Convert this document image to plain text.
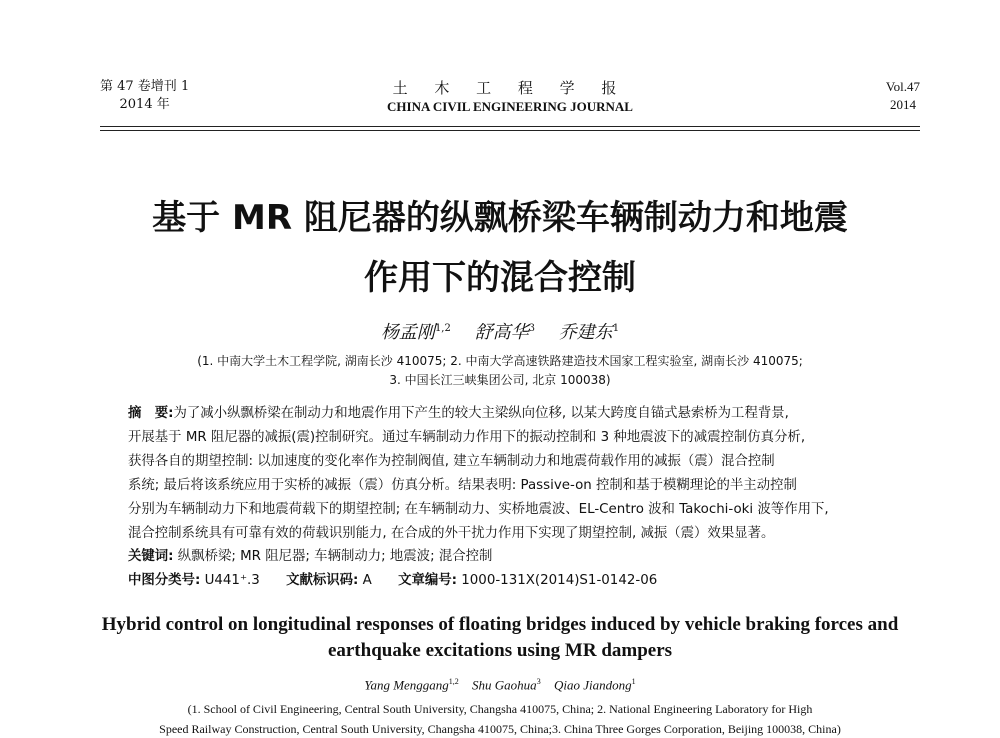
第 47 卷增刊 1
2014 年
土 木 工 程 学 报
CHINA CIVIL ENGINEERING JOURNAL
Vol.47
2014
基于 MR 阻尼器的纵飘桥梁车辆制动力和地震
作用下的混合控制
杨孟刚$^{1,2}$ 舒高华$^3$ 乔建东$^1$
(1. 中南大学土木工程学院, 湖南长沙 410075; 2. 中南大学高速铁路建造技术国家工程实验室, 湖南长沙 410075;
3. 中国长江三峡集团公司, 北京 100038)
摘　要:为了减小纵飘桥梁在制动力和地震作用下产生的较大主梁纵向位移, 以某大跨度自锚式悬索桥为工程背景,
开展基于 MR 阻尼器的减振(震)控制研究。通过车辆制动力作用下的振动控制和 3 种地震波下的减震控制仿真分析,
获得各自的期望控制: 以加速度的变化率作为控制阀值, 建立车辆制动力和地震荷载作用的减振（震）混合控制
系统; 最后将该系统应用于实桥的减振（震）仿真分析。结果表明: Passive-on 控制和基于模糊理论的半主动控制
分别为车辆制动力下和地震荷载下的期望控制; 在车辆制动力、实桥地震波、EL-Centro 波和 Takochi-oki 波等作用下,
混合控制系统具有可靠有效的荷载识别能力, 在合成的外干扰力作用下实现了期望控制, 减振（震）效果显著。
关键词: 纵飘桥梁; MR 阻尼器; 车辆制动力; 地震波; 混合控制
中图分类号: U441⁺.3 文献标识码: A 文章编号: 1000-131X(2014)S1-0142-06
Hybrid control on longitudinal responses of floating bridges induced by vehicle braking forces and
earthquake excitations using MR dampers
Yang Menggang$^{1,2}$ Shu Gaohua$^3$ Qiao Jiandong$^1$
(1. School of Civil Engineering, Central South University, Changsha 410075, China; 2. National Engineering Laboratory for High
Speed Railway Construction, Central South University, Changsha 410075, China;3. China Three Gorges Corporation, Beijing 100038, China)
